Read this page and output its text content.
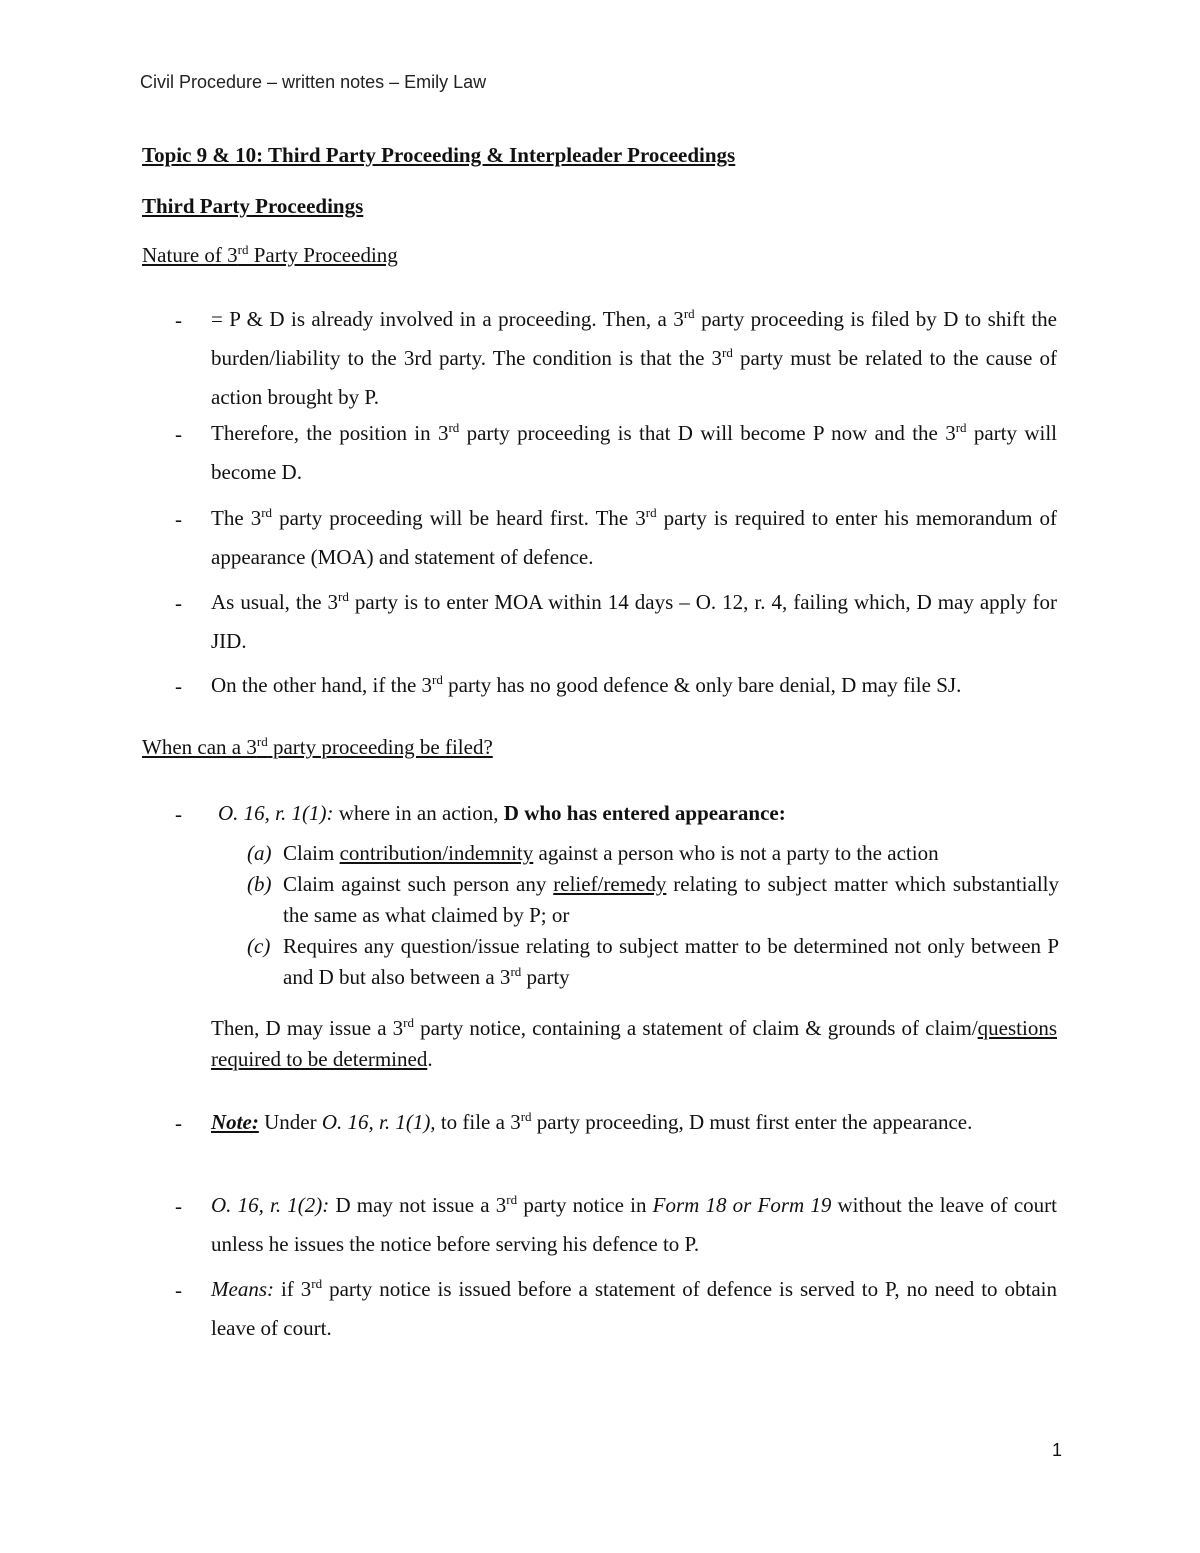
Civil Procedure – written notes – Emily Law
Topic 9 & 10: Third Party Proceeding & Interpleader Proceedings
Third Party Proceedings
Nature of 3rd Party Proceeding
- = P & D is already involved in a proceeding. Then, a 3rd party proceeding is filed by D to shift the burden/liability to the 3rd party. The condition is that the 3rd party must be related to the cause of action brought by P.
- Therefore, the position in 3rd party proceeding is that D will become P now and the 3rd party will become D.
- The 3rd party proceeding will be heard first. The 3rd party is required to enter his memorandum of appearance (MOA) and statement of defence.
- As usual, the 3rd party is to enter MOA within 14 days – O. 12, r. 4, failing which, D may apply for JID.
- On the other hand, if the 3rd party has no good defence & only bare denial, D may file SJ.
When can a 3rd party proceeding be filed?
- O. 16, r. 1(1): where in an action, D who has entered appearance:
(a) Claim contribution/indemnity against a person who is not a party to the action
(b) Claim against such person any relief/remedy relating to subject matter which substantially the same as what claimed by P; or
(c) Requires any question/issue relating to subject matter to be determined not only between P and D but also between a 3rd party
Then, D may issue a 3rd party notice, containing a statement of claim & grounds of claim/questions required to be determined.
- Note: Under O. 16, r. 1(1), to file a 3rd party proceeding, D must first enter the appearance.
- O. 16, r. 1(2): D may not issue a 3rd party notice in Form 18 or Form 19 without the leave of court unless he issues the notice before serving his defence to P.
- Means: if 3rd party notice is issued before a statement of defence is served to P, no need to obtain leave of court.
1
